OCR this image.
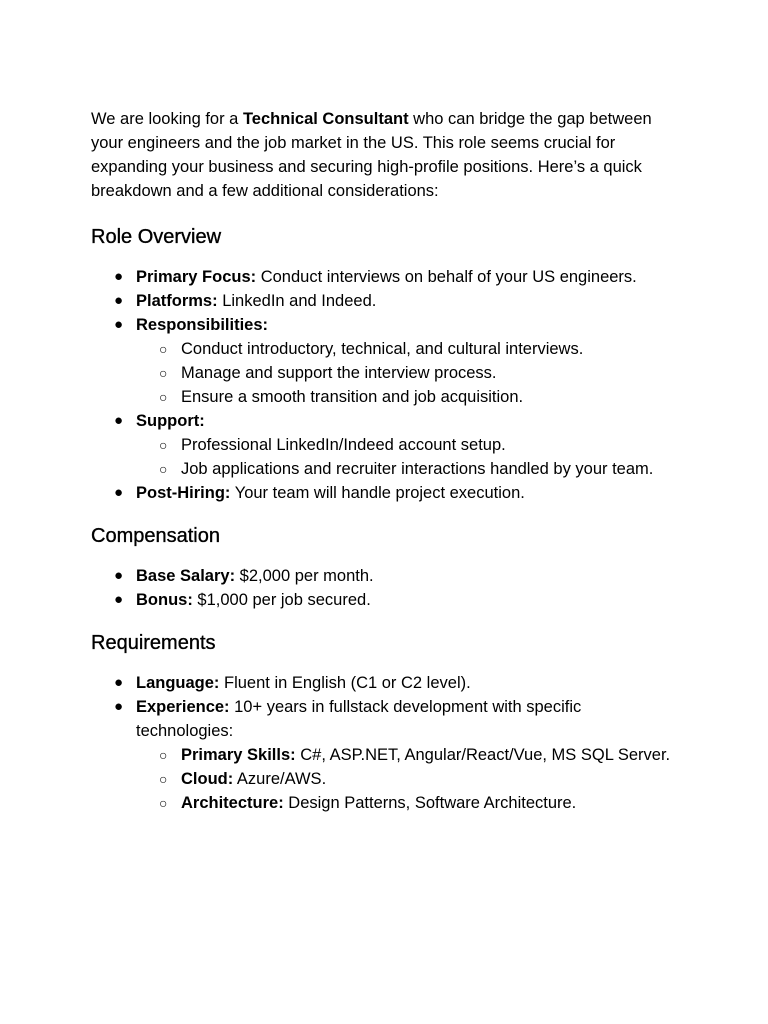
We are looking for a Technical Consultant who can bridge the gap between your engineers and the job market in the US. This role seems crucial for expanding your business and securing high-profile positions. Here’s a quick breakdown and a few additional considerations:

Role Overview
● Primary Focus: Conduct interviews on behalf of your US engineers.
● Platforms: LinkedIn and Indeed.
● Responsibilities:
○ Conduct introductory, technical, and cultural interviews.
○ Manage and support the interview process.
○ Ensure a smooth transition and job acquisition.
● Support:
○ Professional LinkedIn/Indeed account setup.
○ Job applications and recruiter interactions handled by your team.
● Post-Hiring: Your team will handle project execution.
Compensation
● Base Salary: $2,000 per month.
● Bonus: $1,000 per job secured.
Requirements
● Language: Fluent in English (C1 or C2 level).
● Experience: 10+ years in fullstack development with specific technologies:
○ Primary Skills: C#, ASP.NET, Angular/React/Vue, MS SQL Server.
○ Cloud: Azure/AWS.
○ Architecture: Design Patterns, Software Architecture.
